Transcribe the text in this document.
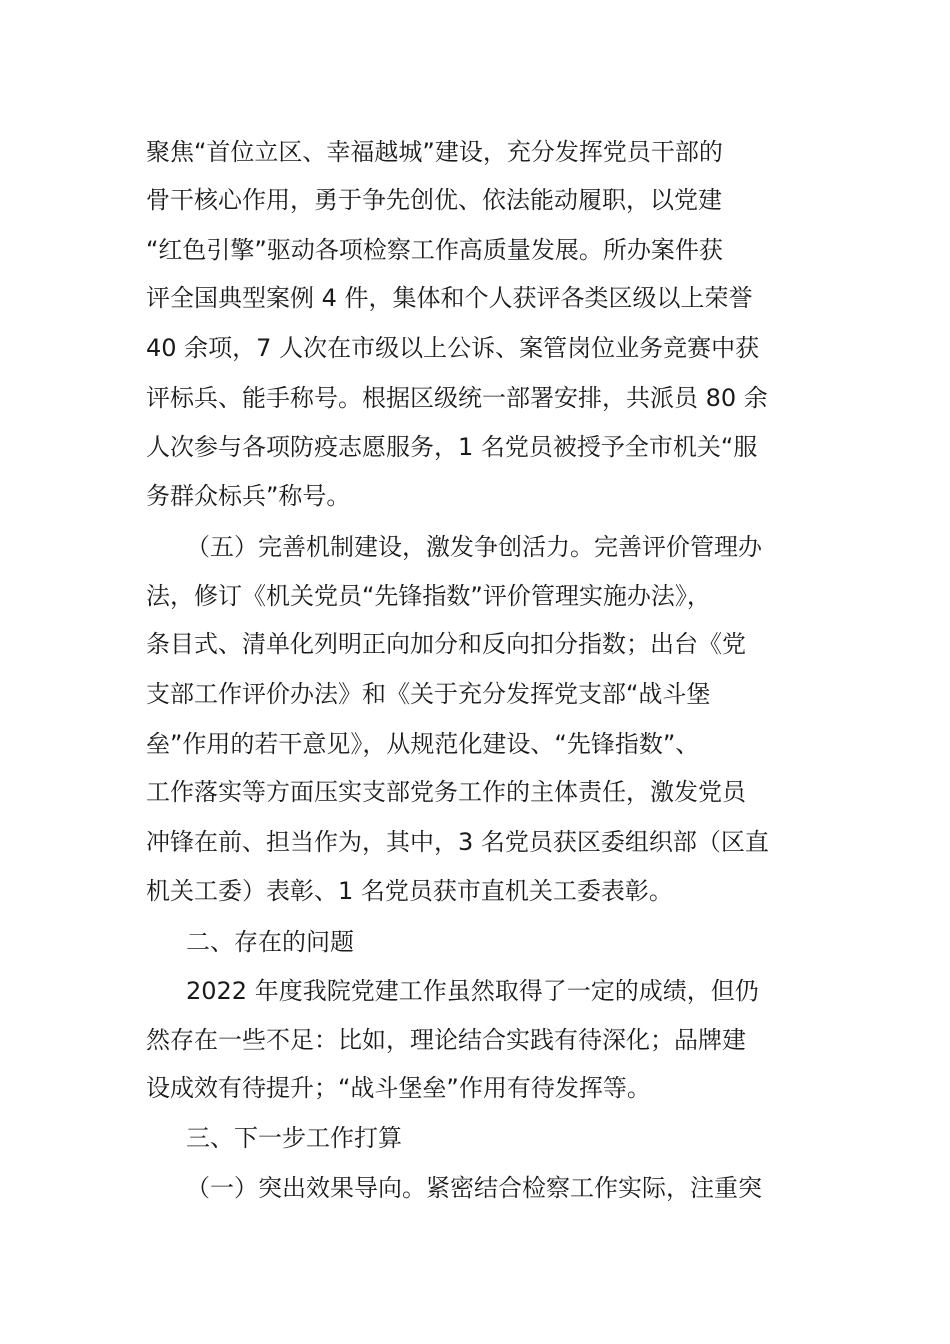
聚焦“首位立区、幸福越城”建设，充分发挥党员干部的
骨干核心作用，勇于争先创优、依法能动履职，以党建
“红色引擎”驱动各项检察工作高质量发展。所办案件获
评全国典型案例 4 件，集体和个人获评各类区级以上荣誉
40 余项，7 人次在市级以上公诉、案管岗位业务竞赛中获
评标兵、能手称号。根据区级统一部署安排，共派员 80 余
人次参与各项防疫志愿服务，1 名党员被授予全市机关“服
务群众标兵”称号。
（五）完善机制建设，激发争创活力。完善评价管理办
法，修订《机关党员“先锋指数”评价管理实施办法》，
条目式、清单化列明正向加分和反向扣分指数；出台《党
支部工作评价办法》和《关于充分发挥党支部“战斗堡
垒”作用的若干意见》，从规范化建设、“先锋指数”、
工作落实等方面压实支部党务工作的主体责任，激发党员
冲锋在前、担当作为，其中，3 名党员获区委组织部（区直
机关工委）表彰、1 名党员获市直机关工委表彰。
二、存在的问题
2022 年度我院党建工作虽然取得了一定的成绩，但仍
然存在一些不足：比如，理论结合实践有待深化；品牌建
设成效有待提升；“战斗堡垒”作用有待发挥等。
三、下一步工作打算
（一）突出效果导向。紧密结合检察工作实际，注重突
